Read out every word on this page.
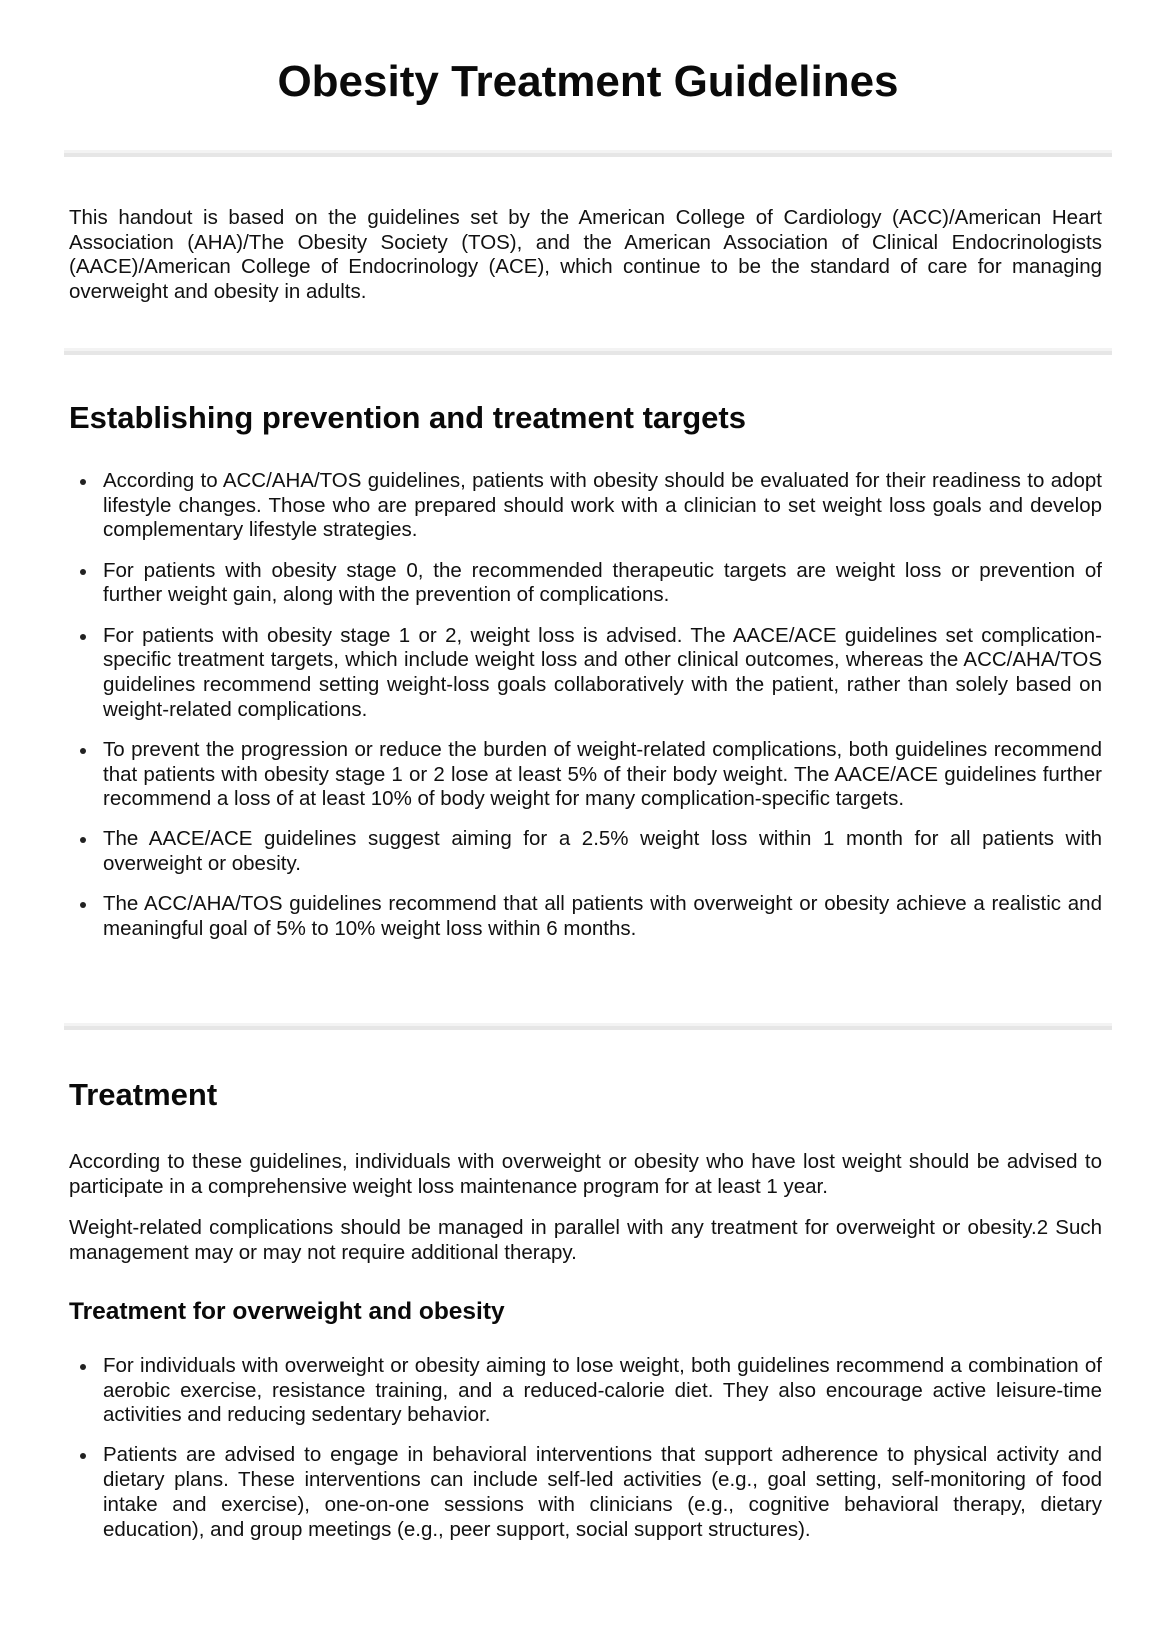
Obesity Treatment Guidelines

This handout is based on the guidelines set by the American College of Cardiology (ACC)/American Heart Association (AHA)/The Obesity Society (TOS), and the American Association of Clinical Endocrinologists (AACE)/American College of Endocrinology (ACE), which continue to be the standard of care for managing overweight and obesity in adults.

Establishing prevention and treatment targets
According to ACC/AHA/TOS guidelines, patients with obesity should be evaluated for their readiness to adopt lifestyle changes. Those who are prepared should work with a clinician to set weight loss goals and develop complementary lifestyle strategies.
For patients with obesity stage 0, the recommended therapeutic targets are weight loss or prevention of further weight gain, along with the prevention of complications.
For patients with obesity stage 1 or 2, weight loss is advised. The AACE/ACE guidelines set complication-specific treatment targets, which include weight loss and other clinical outcomes, whereas the ACC/AHA/TOS guidelines recommend setting weight-loss goals collaboratively with the patient, rather than solely based on weight-related complications.
To prevent the progression or reduce the burden of weight-related complications, both guidelines recommend that patients with obesity stage 1 or 2 lose at least 5% of their body weight. The AACE/ACE guidelines further recommend a loss of at least 10% of body weight for many complication-specific targets.
The AACE/ACE guidelines suggest aiming for a 2.5% weight loss within 1 month for all patients with overweight or obesity.
The ACC/AHA/TOS guidelines recommend that all patients with overweight or obesity achieve a realistic and meaningful goal of 5% to 10% weight loss within 6 months.
Treatment

According to these guidelines, individuals with overweight or obesity who have lost weight should be advised to participate in a comprehensive weight loss maintenance program for at least 1 year.

Weight-related complications should be managed in parallel with any treatment for overweight or obesity.2 Such management may or may not require additional therapy.

Treatment for overweight and obesity
For individuals with overweight or obesity aiming to lose weight, both guidelines recommend a combination of aerobic exercise, resistance training, and a reduced-calorie diet. They also encourage active leisure-time activities and reducing sedentary behavior.
Patients are advised to engage in behavioral interventions that support adherence to physical activity and dietary plans. These interventions can include self-led activities (e.g., goal setting, self-monitoring of food intake and exercise), one-on-one sessions with clinicians (e.g., cognitive behavioral therapy, dietary education), and group meetings (e.g., peer support, social support structures).
